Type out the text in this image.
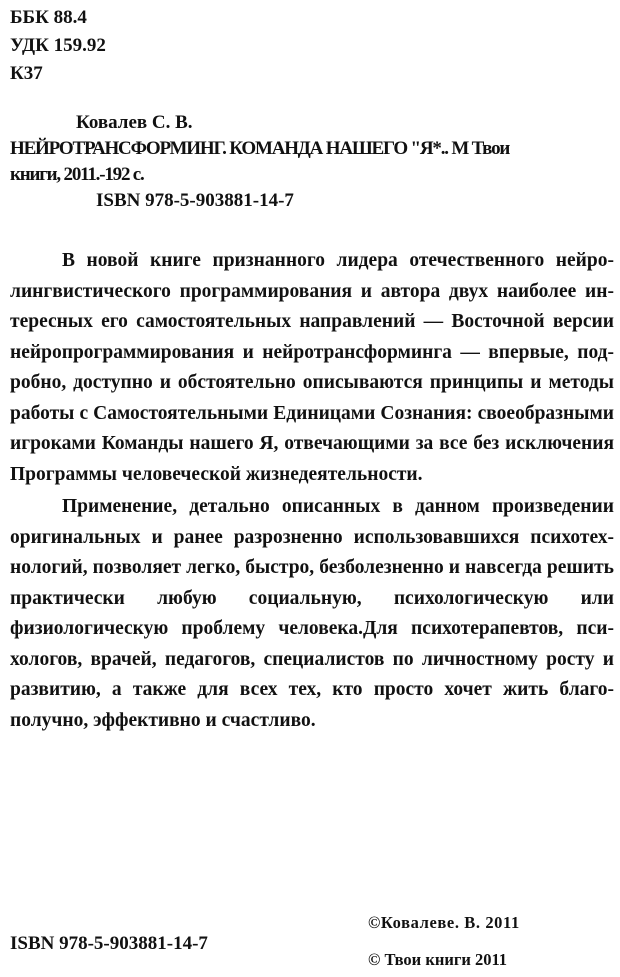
ББК 88.4
УДК 159.92
К37
Ковалев С. В.
НЕЙРОТРАНСФОРМИНГ. КОМАНДА НАШЕГО "Я*.. М Твои
книги, 2011.-192 с.
ISBN 978-5-903881-14-7

В новой книге признанного лидера отечественного нейролингвистического программирования и автора двух наиболее интересных его самостоятельных направлений — Восточной версии нейропрограммирования и нейротрансформинга — впервые, подробно, доступно и обстоятельно описываются принципы и методы работы с Самостоятельными Единицами Сознания: своеобразными игроками Команды нашего Я, отвечающими за все без исключения Программы человеческой жизнедеятельности.

Применение, детально описанных в данном произведении оригинальных и ранее разрозненно использовавшихся психотехнологий, позволяет легко, быстро, безболезненно и навсегда решить практически любую социальную, психологическую или физиологическую проблему человека.Для психотерапевтов, психологов, врачей, педагогов, специалистов по личностному росту и развитию, а также для всех тех, кто просто хочет жить благополучно, эффективно и счастливо.

ISBN 978-5-903881-14-7
©Ковалеве. В. 2011
© Твои книги 2011
